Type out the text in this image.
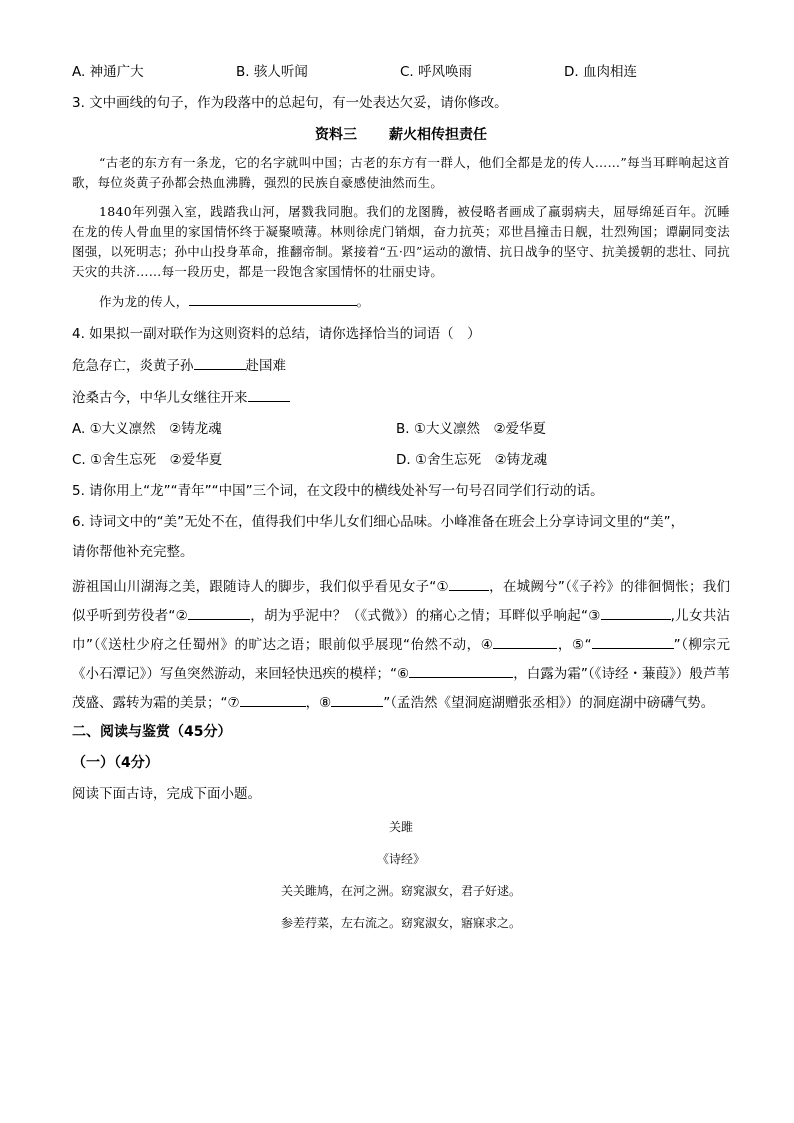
A. 神通广大	B. 骇人听闻	C. 呼风唤雨	D. 血肉相连
3. 文中画线的句子，作为段落中的总起句，有一处表达欠妥，请你修改。
资料三 薪火相传担责任
“古老的东方有一条龙，它的名字就叫中国；古老的东方有一群人，他们全都是龙的传人……”每当耳畔响起这首歌，每位炎黄子孙都会热血沸腾，强烈的民族自豪感使油然而生。
1840年列强入室，践踏我山河，屠戮我同胞。我们的龙图腾，被侵略者画成了羸弱病夫，屈辱绵延百年。沉睡在龙的传人骨血里的家国情怀终于凝聚喷薄。林则徐虎门销烟，奋力抗英；邓世昌撞击日舰，壮烈殉国；谭嗣同变法图强，以死明志；孙中山投身革命，推翻帝制。紧接着“五·四”运动的激情、抗日战争的坚守、抗美援朝的悲壮、同抗天灾的共济……每一段历史，都是一段饱含家国情怀的壮丽史诗。
作为龙的传人，	。
4. 如果拟一副对联作为这则资料的总结，请你选择恰当的词语（　）
危急存亡，炎黄子孙	赴国难
沧桑古今，中华儿女继往开来
A. ①大义凛然　②铸龙魂	B. ①大义凛然　②爱华夏
C. ①舍生忘死　②爱华夏	D. ①舍生忘死　②铸龙魂
5. 请你用上“龙”“青年”“中国”三个词，在文段中的横线处补写一句号召同学们行动的话。
6. 诗词文中的“美”无处不在，值得我们中华儿女们细心品味。小峰准备在班会上分享诗词文里的“美”，
请你帮他补充完整。
游祖国山川湖海之美，跟随诗人的脚步，我们似乎看见女子“①	，在城阙兮”（《子衿》的徘徊惆怅；我们似乎听到劳役者“②	，胡为乎泥中？（《式微》）的痛心之情；耳畔似乎响起“③	,儿女共沾巾”（《送杜少府之任蜀州》的旷达之语；眼前似乎展现“佁然不动，④	，⑤“	”（柳宗元《小石潭记》）写鱼突然游动，来回轻快迅疾的模样；“⑥	，白露为霜”（《诗经・蒹葭》）般芦苇茂盛、露转为霜的美景；“⑦	，⑧	”（孟浩然《望洞庭湖赠张丞相》）的洞庭湖中磅礴气势。
二、阅读与鉴赏（45分）
（一）（4分）
阅读下面古诗，完成下面小题。
关雎
《诗经》
关关雎鸠，在河之洲。窈窕淑女，君子好逑。
参差荇菜，左右流之。窈窕淑女，寤寐求之。
